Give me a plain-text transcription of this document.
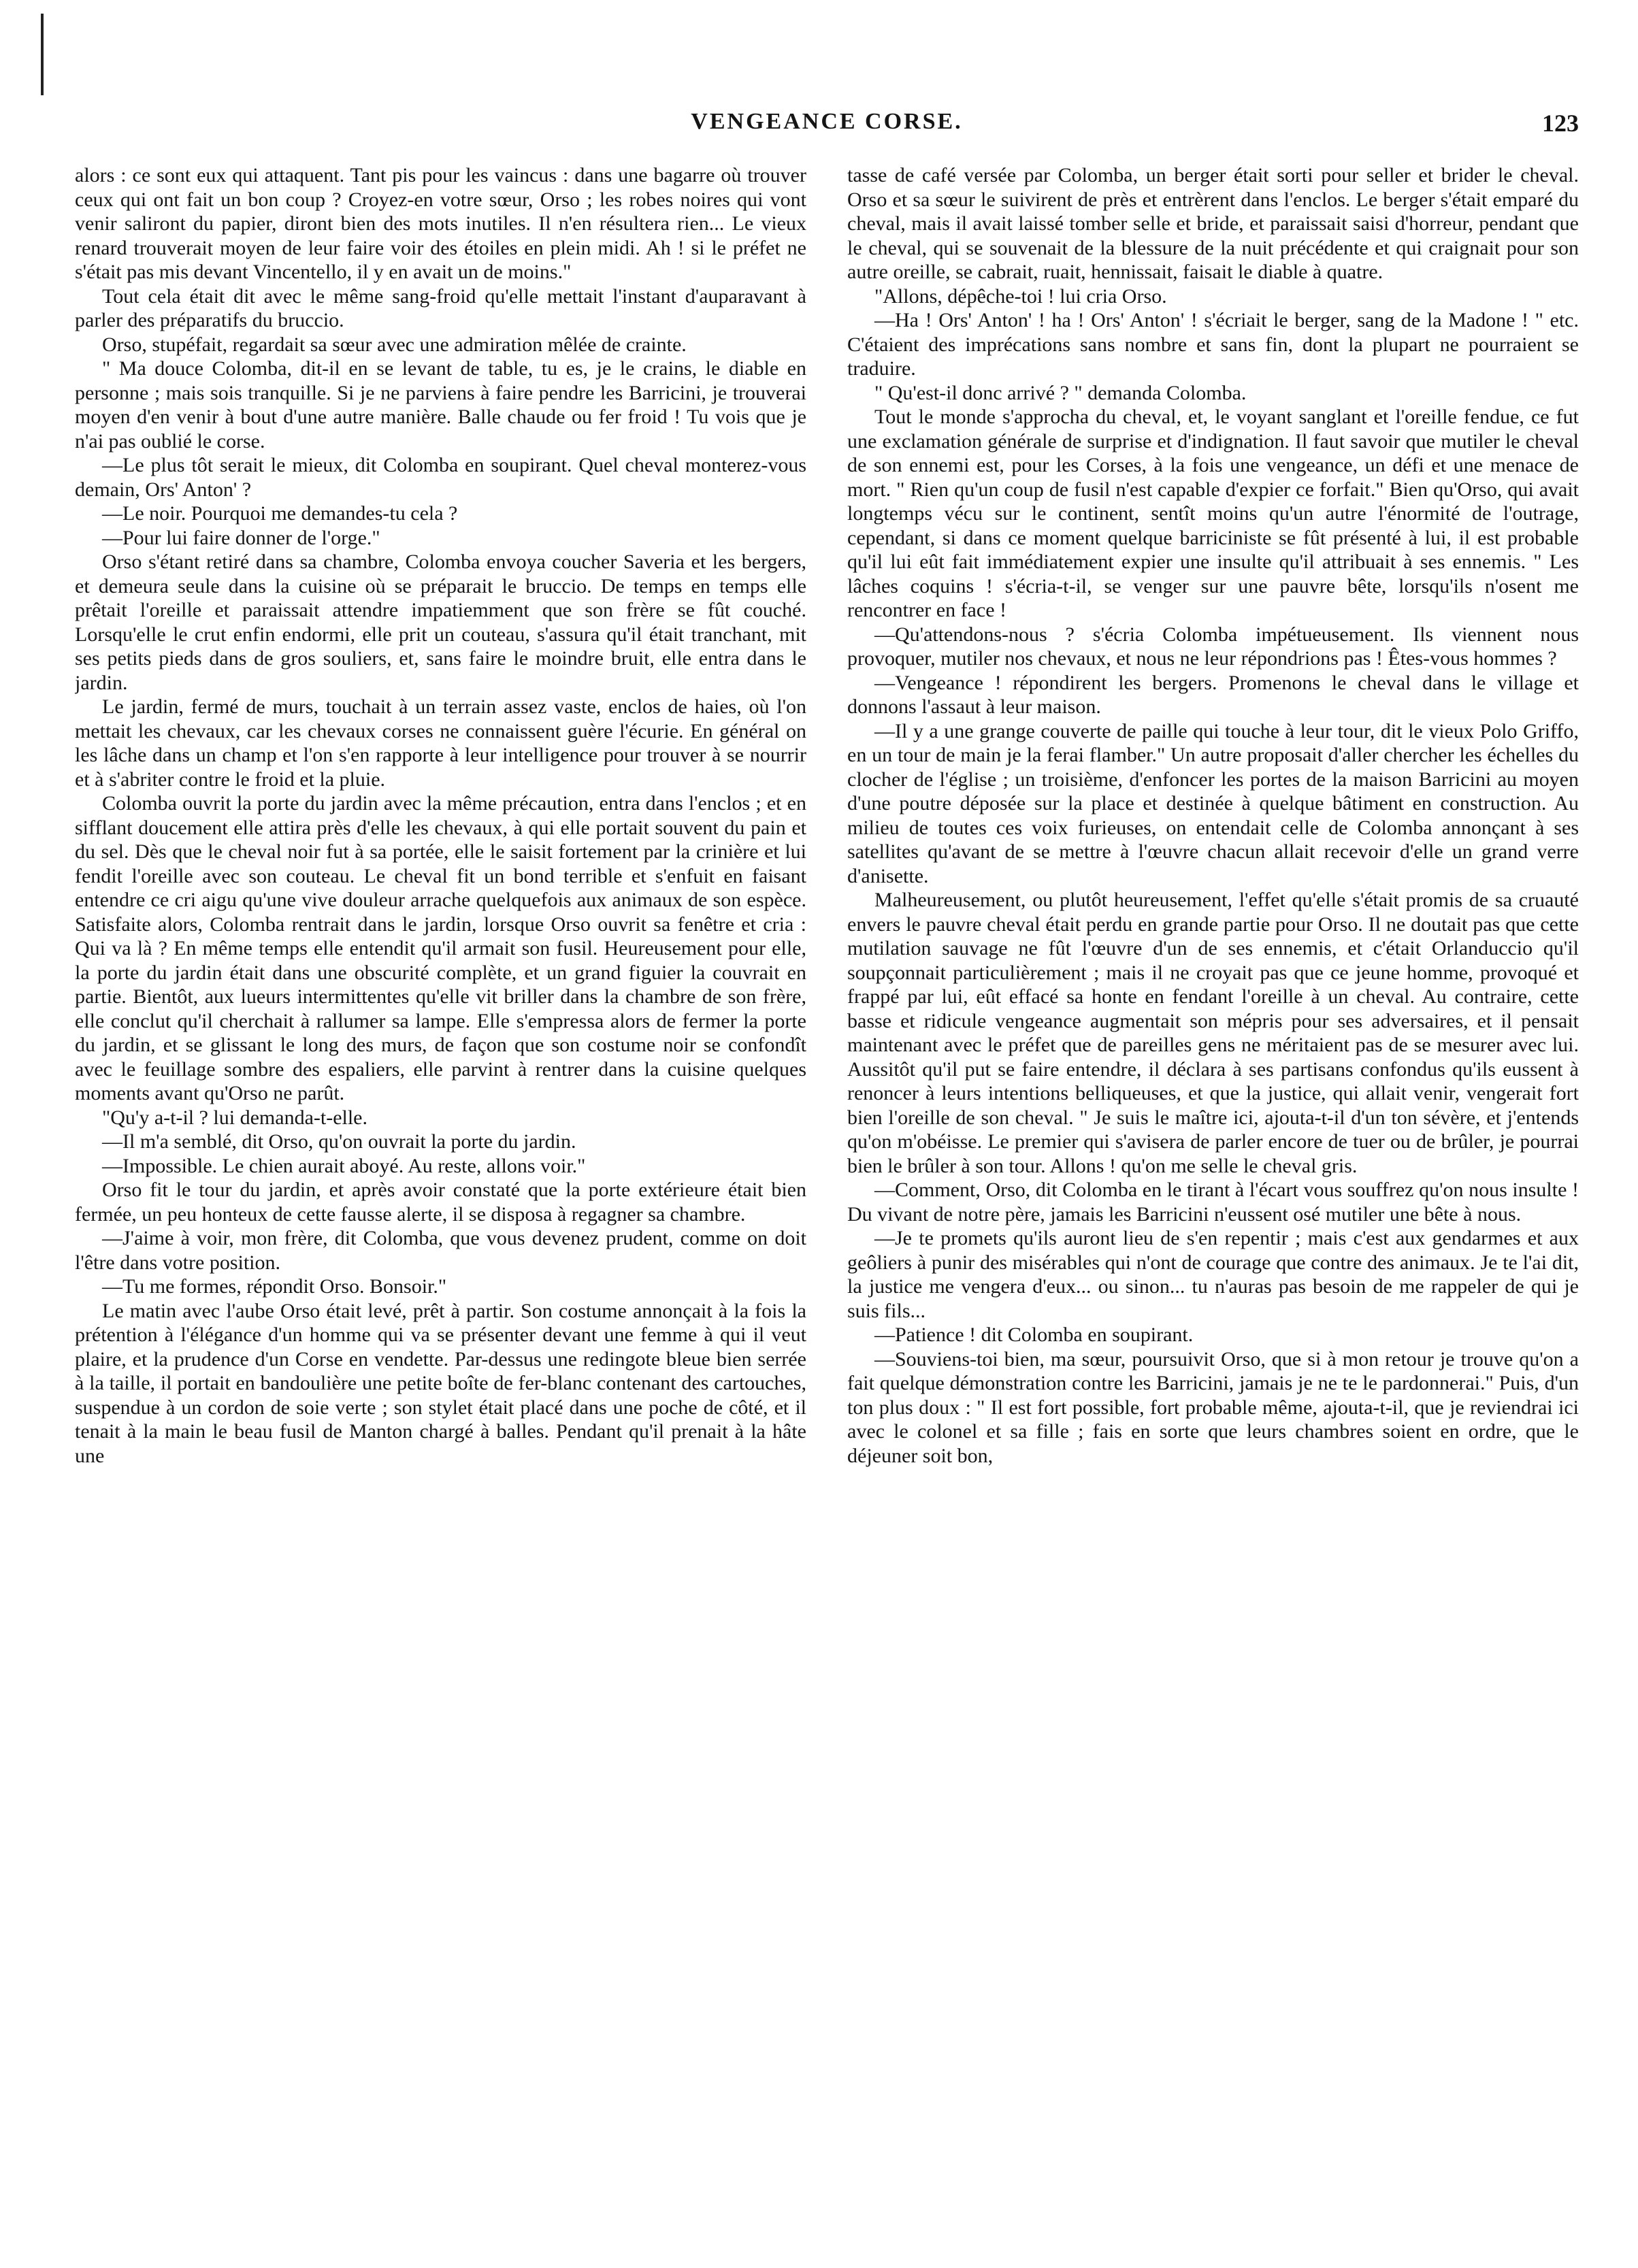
VENGEANCE CORSE.	123

alors : ce sont eux qui attaquent. Tant pis pour les vaincus : dans une bagarre où trouver ceux qui ont fait un bon coup ? Croyez-en votre sœur, Orso ; les robes noires qui vont venir saliront du papier, diront bien des mots inutiles. Il n'en résultera rien... Le vieux renard trouverait moyen de leur faire voir des étoiles en plein midi. Ah ! si le préfet ne s'était pas mis devant Vincentello, il y en avait un de moins."

Tout cela était dit avec le même sang-froid qu'elle mettait l'instant d'auparavant à parler des préparatifs du bruccio.

Orso, stupéfait, regardait sa sœur avec une admiration mêlée de crainte.

" Ma douce Colomba, dit-il en se levant de table, tu es, je le crains, le diable en personne ; mais sois tranquille. Si je ne parviens à faire pendre les Barricini, je trouverai moyen d'en venir à bout d'une autre manière. Balle chaude ou fer froid ! Tu vois que je n'ai pas oublié le corse.

—Le plus tôt serait le mieux, dit Colomba en soupirant. Quel cheval monterez-vous demain, Ors' Anton' ?

—Le noir. Pourquoi me demandes-tu cela ?

—Pour lui faire donner de l'orge."

Orso s'étant retiré dans sa chambre, Colomba envoya coucher Saveria et les bergers, et demeura seule dans la cuisine où se préparait le bruccio. De temps en temps elle prêtait l'oreille et paraissait attendre impatiemment que son frère se fût couché. Lorsqu'elle le crut enfin endormi, elle prit un couteau, s'assura qu'il était tranchant, mit ses petits pieds dans de gros souliers, et, sans faire le moindre bruit, elle entra dans le jardin.

Le jardin, fermé de murs, touchait à un terrain assez vaste, enclos de haies, où l'on mettait les chevaux, car les chevaux corses ne connaissent guère l'écurie. En général on les lâche dans un champ et l'on s'en rapporte à leur intelligence pour trouver à se nourrir et à s'abriter contre le froid et la pluie.

Colomba ouvrit la porte du jardin avec la même précaution, entra dans l'enclos ; et en sifflant doucement elle attira près d'elle les chevaux, à qui elle portait souvent du pain et du sel. Dès que le cheval noir fut à sa portée, elle le saisit fortement par la crinière et lui fendit l'oreille avec son couteau. Le cheval fit un bond terrible et s'enfuit en faisant entendre ce cri aigu qu'une vive douleur arrache quelquefois aux animaux de son espèce. Satisfaite alors, Colomba rentrait dans le jardin, lorsque Orso ouvrit sa fenêtre et cria : Qui va là ? En même temps elle entendit qu'il armait son fusil. Heureusement pour elle, la porte du jardin était dans une obscurité complète, et un grand figuier la couvrait en partie. Bientôt, aux lueurs intermittentes qu'elle vit briller dans la chambre de son frère, elle conclut qu'il cherchait à rallumer sa lampe. Elle s'empressa alors de fermer la porte du jardin, et se glissant le long des murs, de façon que son costume noir se confondît avec le feuillage sombre des espaliers, elle parvint à rentrer dans la cuisine quelques moments avant qu'Orso ne parût.

"Qu'y a-t-il ? lui demanda-t-elle.

—Il m'a semblé, dit Orso, qu'on ouvrait la porte du jardin.

—Impossible. Le chien aurait aboyé. Au reste, allons voir."

Orso fit le tour du jardin, et après avoir constaté que la porte extérieure était bien fermée, un peu honteux de cette fausse alerte, il se disposa à regagner sa chambre.

—J'aime à voir, mon frère, dit Colomba, que vous devenez prudent, comme on doit l'être dans votre position.

—Tu me formes, répondit Orso. Bonsoir."

Le matin avec l'aube Orso était levé, prêt à partir. Son costume annonçait à la fois la prétention à l'élégance d'un homme qui va se présenter devant une femme à qui il veut plaire, et la prudence d'un Corse en vendette. Par-dessus une redingote bleue bien serrée à la taille, il portait en bandoulière une petite boîte de fer-blanc contenant des cartouches, suspendue à un cordon de soie verte ; son stylet était placé dans une poche de côté, et il tenait à la main le beau fusil de Manton chargé à balles. Pendant qu'il prenait à la hâte une

tasse de café versée par Colomba, un berger était sorti pour seller et brider le cheval. Orso et sa sœur le suivirent de près et entrèrent dans l'enclos. Le berger s'était emparé du cheval, mais il avait laissé tomber selle et bride, et paraissait saisi d'horreur, pendant que le cheval, qui se souvenait de la blessure de la nuit précédente et qui craignait pour son autre oreille, se cabrait, ruait, hennissait, faisait le diable à quatre.

"Allons, dépêche-toi ! lui cria Orso.

—Ha ! Ors' Anton' ! ha ! Ors' Anton' ! s'écriait le berger, sang de la Madone ! " etc. C'étaient des imprécations sans nombre et sans fin, dont la plupart ne pourraient se traduire.

" Qu'est-il donc arrivé ? " demanda Colomba.

Tout le monde s'approcha du cheval, et, le voyant sanglant et l'oreille fendue, ce fut une exclamation générale de surprise et d'indignation. Il faut savoir que mutiler le cheval de son ennemi est, pour les Corses, à la fois une vengeance, un défi et une menace de mort. " Rien qu'un coup de fusil n'est capable d'expier ce forfait." Bien qu'Orso, qui avait longtemps vécu sur le continent, sentît moins qu'un autre l'énormité de l'outrage, cependant, si dans ce moment quelque barriciniste se fût présenté à lui, il est probable qu'il lui eût fait immédiatement expier une insulte qu'il attribuait à ses ennemis. " Les lâches coquins ! s'écria-t-il, se venger sur une pauvre bête, lorsqu'ils n'osent me rencontrer en face !

—Qu'attendons-nous ? s'écria Colomba impétueusement. Ils viennent nous provoquer, mutiler nos chevaux, et nous ne leur répondrions pas ! Êtes-vous hommes ?

—Vengeance ! répondirent les bergers. Promenons le cheval dans le village et donnons l'assaut à leur maison.

—Il y a une grange couverte de paille qui touche à leur tour, dit le vieux Polo Griffo, en un tour de main je la ferai flamber." Un autre proposait d'aller chercher les échelles du clocher de l'église ; un troisième, d'enfoncer les portes de la maison Barricini au moyen d'une poutre déposée sur la place et destinée à quelque bâtiment en construction. Au milieu de toutes ces voix furieuses, on entendait celle de Colomba annonçant à ses satellites qu'avant de se mettre à l'œuvre chacun allait recevoir d'elle un grand verre d'anisette.

Malheureusement, ou plutôt heureusement, l'effet qu'elle s'était promis de sa cruauté envers le pauvre cheval était perdu en grande partie pour Orso. Il ne doutait pas que cette mutilation sauvage ne fût l'œuvre d'un de ses ennemis, et c'était Orlanduccio qu'il soupçonnait particulièrement ; mais il ne croyait pas que ce jeune homme, provoqué et frappé par lui, eût effacé sa honte en fendant l'oreille à un cheval. Au contraire, cette basse et ridicule vengeance augmentait son mépris pour ses adversaires, et il pensait maintenant avec le préfet que de pareilles gens ne méritaient pas de se mesurer avec lui. Aussitôt qu'il put se faire entendre, il déclara à ses partisans confondus qu'ils eussent à renoncer à leurs intentions belliqueuses, et que la justice, qui allait venir, vengerait fort bien l'oreille de son cheval. " Je suis le maître ici, ajouta-t-il d'un ton sévère, et j'entends qu'on m'obéisse. Le premier qui s'avisera de parler encore de tuer ou de brûler, je pourrai bien le brûler à son tour. Allons ! qu'on me selle le cheval gris.

—Comment, Orso, dit Colomba en le tirant à l'écart vous souffrez qu'on nous insulte ! Du vivant de notre père, jamais les Barricini n'eussent osé mutiler une bête à nous.

—Je te promets qu'ils auront lieu de s'en repentir ; mais c'est aux gendarmes et aux geôliers à punir des misérables qui n'ont de courage que contre des animaux. Je te l'ai dit, la justice me vengera d'eux... ou sinon... tu n'auras pas besoin de me rappeler de qui je suis fils...

—Patience ! dit Colomba en soupirant.

—Souviens-toi bien, ma sœur, poursuivit Orso, que si à mon retour je trouve qu'on a fait quelque démonstration contre les Barricini, jamais je ne te le pardonnerai." Puis, d'un ton plus doux : " Il est fort possible, fort probable même, ajouta-t-il, que je reviendrai ici avec le colonel et sa fille ; fais en sorte que leurs chambres soient en ordre, que le déjeuner soit bon,
